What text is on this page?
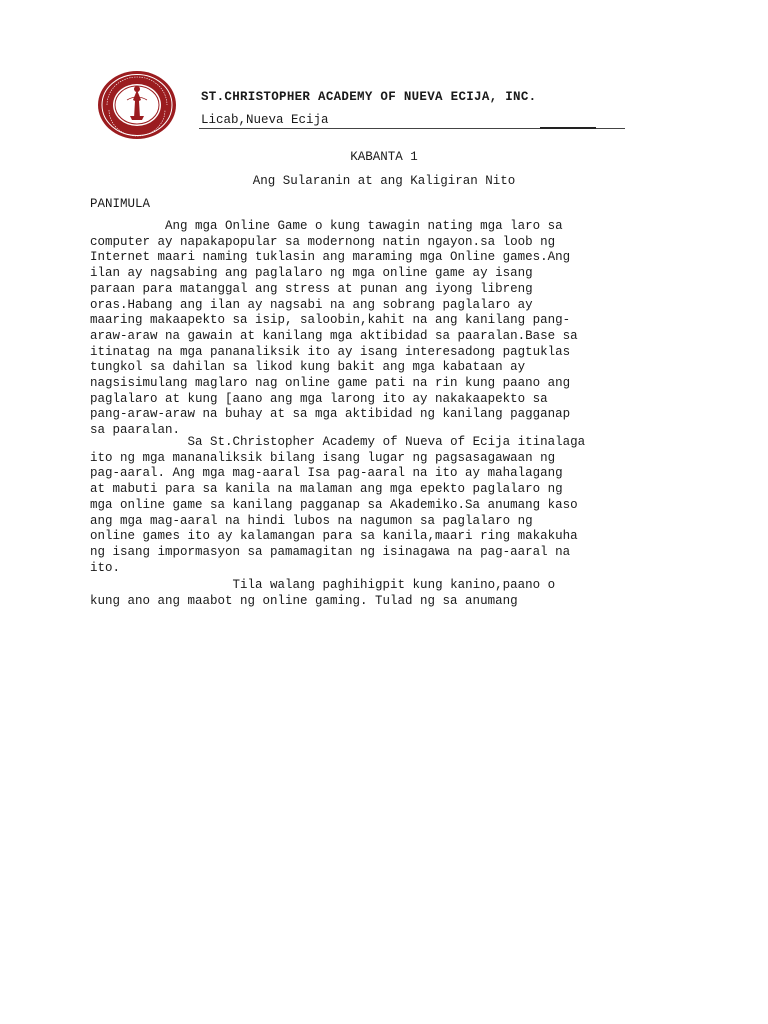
ST.CHRISTOPHER ACADEMY OF NUEVA ECIJA, INC.
Licab,Nueva Ecija
KABANTA 1
Ang Sularanin at ang Kaligiran Nito
PANIMULA

Ang mga Online Game o kung tawagin nating mga laro sa
computer ay napakapopular sa modernong natin ngayon.sa loob ng
Internet maari naming tuklasin ang maraming mga Online games.Ang
ilan ay nagsabing ang paglalaro ng mga online game ay isang
paraan para matanggal ang stress at punan ang iyong libreng
oras.Habang ang ilan ay nagsabi na ang sobrang paglalaro ay
maaring makaapekto sa isip, saloobin,kahit na ang kanilang pang-
araw-araw na gawain at kanilang mga aktibidad sa paaralan.Base sa
itinatag na mga pananaliksik ito ay isang interesadong pagtuklas
tungkol sa dahilan sa likod kung bakit ang mga kabataan ay
nagsisimulang maglaro nag online game pati na rin kung paano ang
paglalaro at kung [aano ang mga larong ito ay nakakaapekto sa
pang-araw-araw na buhay at sa mga aktibidad ng kanilang pagganap
sa paaralan.

Sa St.Christopher Academy of Nueva of Ecija itinalaga
ito ng mga mananaliksik bilang isang lugar ng pagsasagawaan ng
pag-aaral. Ang mga mag-aaral Isa pag-aaral na ito ay mahalagang
at mabuti para sa kanila na malaman ang mga epekto paglalaro ng
mga online game sa kanilang pagganap sa Akademiko.Sa anumang kaso
ang mga mag-aaral na hindi lubos na nagumon sa paglalaro ng
online games ito ay kalamangan para sa kanila,maari ring makakuha
ng isang impormasyon sa pamamagitan ng isinagawa na pag-aaral na
ito.

Tila walang paghihigpit kung kanino,paano o
kung ano ang maabot ng online gaming. Tulad ng sa anumang
